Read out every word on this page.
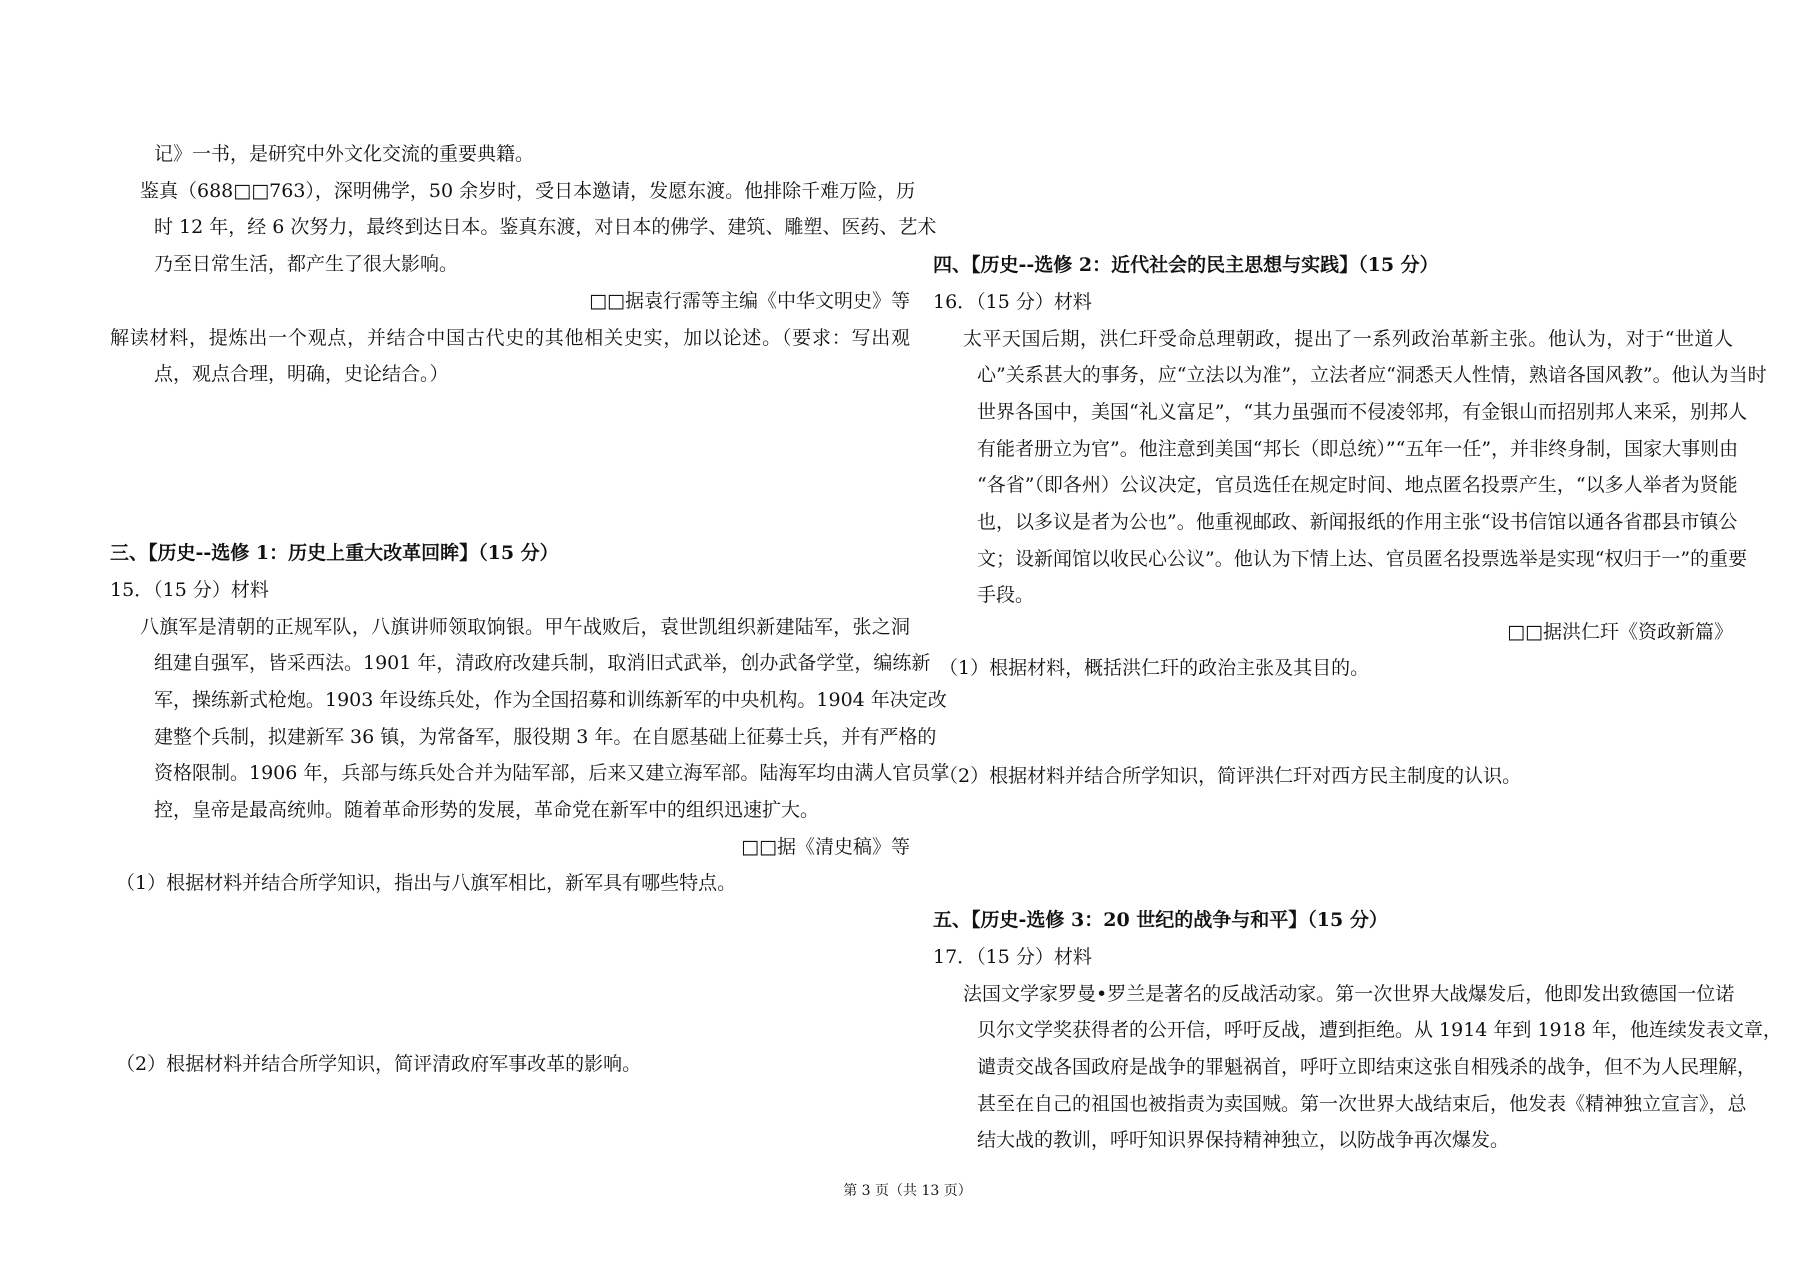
记》一书，是研究中外文化交流的重要典籍。
鉴真（688□□763），深明佛学，50 余岁时，受日本邀请，发愿东渡。他排除千难万险，历
时 12 年，经 6 次努力，最终到达日本。鉴真东渡，对日本的佛学、建筑、雕塑、医药、艺术
乃至日常生活，都产生了很大影响。
□□据袁行霈等主编《中华文明史》等
解读材料，提炼出一个观点，并结合中国古代史的其他相关史实，加以论述。（要求：写出观
点，观点合理，明确，史论结合。）
三、【历史--选修 1：历史上重大改革回眸】（15 分）
15．（15 分）材料
八旗军是清朝的正规军队，八旗讲师领取饷银。甲午战败后，袁世凯组织新建陆军，张之洞
组建自强军，皆采西法。1901 年，清政府改建兵制，取消旧式武举，创办武备学堂，编练新
军，操练新式枪炮。1903 年设练兵处，作为全国招募和训练新军的中央机构。1904 年决定改
建整个兵制，拟建新军 36 镇，为常备军，服役期 3 年。在自愿基础上征募士兵，并有严格的
资格限制。1906 年，兵部与练兵处合并为陆军部，后来又建立海军部。陆海军均由满人官员掌
控，皇帝是最高统帅。随着革命形势的发展，革命党在新军中的组织迅速扩大。
□□据《清史稿》等
（1）根据材料并结合所学知识，指出与八旗军相比，新军具有哪些特点。
（2）根据材料并结合所学知识，简评清政府军事改革的影响。
四、【历史--选修 2：近代社会的民主思想与实践】（15 分）
16．（15 分）材料
太平天国后期，洪仁玕受命总理朝政，提出了一系列政治革新主张。他认为，对于“世道人
心”关系甚大的事务，应“立法以为准”，立法者应“洞悉天人性情，熟谙各国风教”。他认为当时
世界各国中，美国“礼义富足”，“其力虽强而不侵凌邻邦，有金银山而招别邦人来采，别邦人
有能者册立为官”。他注意到美国“邦长（即总统）”“五年一任”，并非终身制，国家大事则由
“各省”（即各州）公议决定，官员选任在规定时间、地点匿名投票产生，“以多人举者为贤能
也，以多议是者为公也”。他重视邮政、新闻报纸的作用主张“设书信馆以通各省郡县市镇公
文；设新闻馆以收民心公议”。他认为下情上达、官员匿名投票选举是实现“权归于一”的重要
手段。
□□据洪仁玕《资政新篇》
（1）根据材料，概括洪仁玕的政治主张及其目的。
（2）根据材料并结合所学知识，简评洪仁玕对西方民主制度的认识。
五、【历史-选修 3：20 世纪的战争与和平】（15 分）
17．（15 分）材料
法国文学家罗曼•罗兰是著名的反战活动家。第一次世界大战爆发后，他即发出致德国一位诺
贝尔文学奖获得者的公开信，呼吁反战，遭到拒绝。从 1914 年到 1918 年，他连续发表文章，
谴责交战各国政府是战争的罪魁祸首，呼吁立即结束这张自相残杀的战争，但不为人民理解，
甚至在自己的祖国也被指责为卖国贼。第一次世界大战结束后，他发表《精神独立宣言》，总
结大战的教训，呼吁知识界保持精神独立，以防战争再次爆发。
第 3 页（共 13 页）
